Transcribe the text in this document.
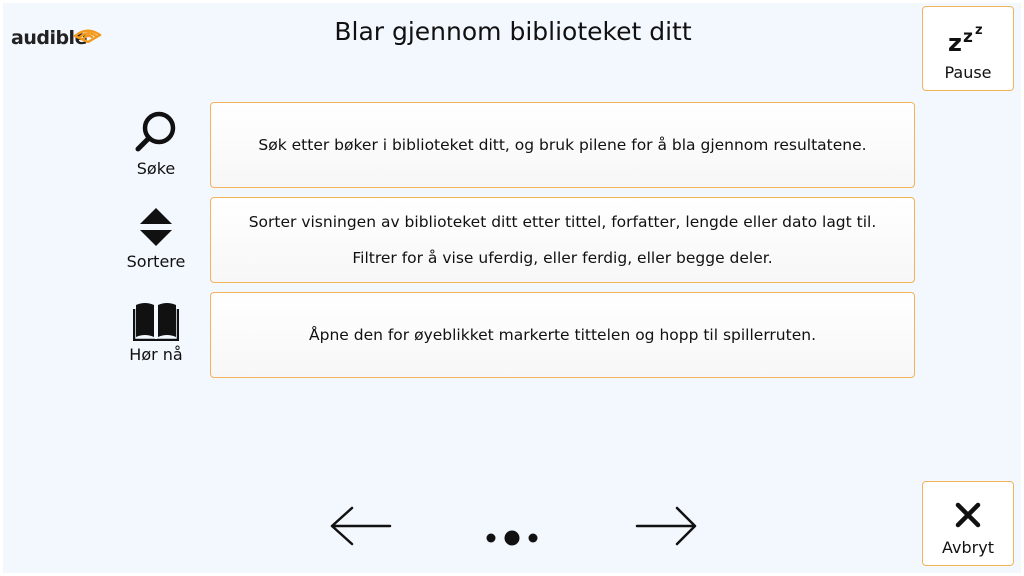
audible	Blar gjennom biblioteket ditt	z z z
Pause
Avbryt
Søke
Søk etter bøker i biblioteket ditt, og bruk pilene for å bla gjennom resultatene.
Sortere
Sorter visningen av biblioteket ditt etter tittel, forfatter, lengde eller dato lagt til.
Filtrer for å vise uferdig, eller ferdig, eller begge deler.
Hør nå
Åpne den for øyeblikket markerte tittelen og hopp til spillerruten.
